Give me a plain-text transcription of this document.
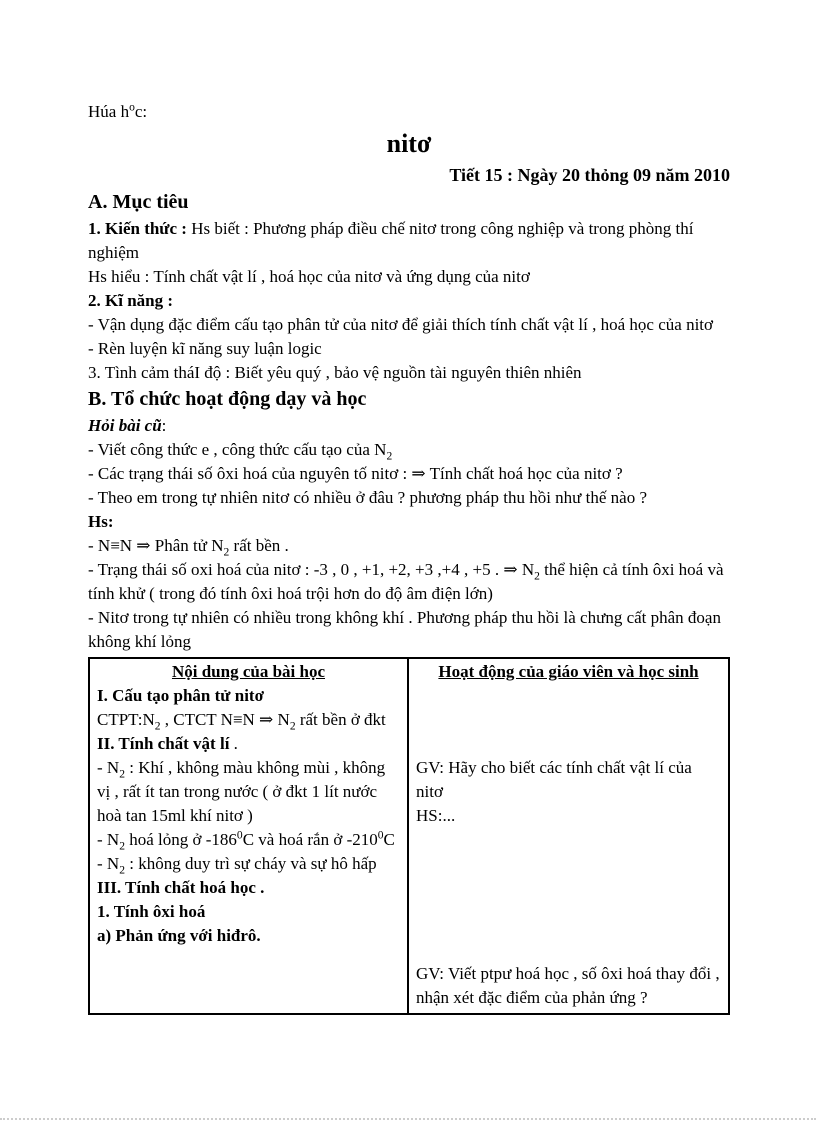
Húa $h^oc$:

nitơ

Tiết 15 : Ngày 20 thỏng 09 năm 2010

A. Mục tiêu

1. Kiến thức : Hs biết : Phương pháp điều chế nitơ trong công nghiệp và trong phòng thí nghiệm

Hs hiểu : Tính chất vật lí , hoá học của nitơ và ứng dụng của nitơ

2. Kĩ năng :

- Vận dụng đặc điểm cấu tạo phân tử của nitơ để giải thích tính chất vật lí , hoá học của nitơ

- Rèn luyện kĩ năng suy luận logic

3. Tình cảm tháI độ : Biết yêu quý , bảo vệ nguồn tài nguyên thiên nhiên

B. Tổ chức hoạt động dạy và học

Hỏi bài cũ:

- Viết công thức e , công thức cấu tạo của $N_2$

- Các trạng thái số ôxi hoá của nguyên tố nitơ : ⇒ Tính chất hoá học của nitơ ?

- Theo em trong tự nhiên nitơ có nhiều ở đâu ? phương pháp thu hồi như thế nào ?

Hs:

- N≡N ⇒ Phân tử $N_2$ rất bền .

- Trạng thái số oxi hoá của nitơ : -3 , 0 , +1, +2, +3 ,+4 , +5 . ⇒ $N_2$ thể hiện cả tính ôxi hoá và tính khử ( trong đó tính ôxi hoá trội hơn do độ âm điện lớn)

- Nitơ trong tự nhiên có nhiều trong không khí . Phương pháp thu hồi là chưng cất phân đoạn không khí lỏng

Nội dung của bài học

I. Cấu tạo phân tử nitơ

$CTPT:N_2$ , CTCT N≡N ⇒ $N_2$ rất bền ở đkt

II. Tính chất vật lí .

- $N_2$ : Khí , không màu không mùi , không vị , rất ít tan trong nước ( ở đkt 1 lít nước hoà tan 15ml khí nitơ )

- $N_2$ hoá lỏng ở $-186^0C$ và hoá rắn ở $-210^0C$

- $N_2$ : không duy trì sự cháy và sự hô hấp

III. Tính chất hoá học .

1. Tính ôxi hoá

a) Phản ứng với hiđrô.

Hoạt động của giáo viên và học sinh

GV: Hãy cho biết các tính chất vật lí của nitơ

HS:...

GV: Viết ptpư hoá học , số ôxi hoá thay đổi , nhận xét đặc điểm của phản ứng ?
